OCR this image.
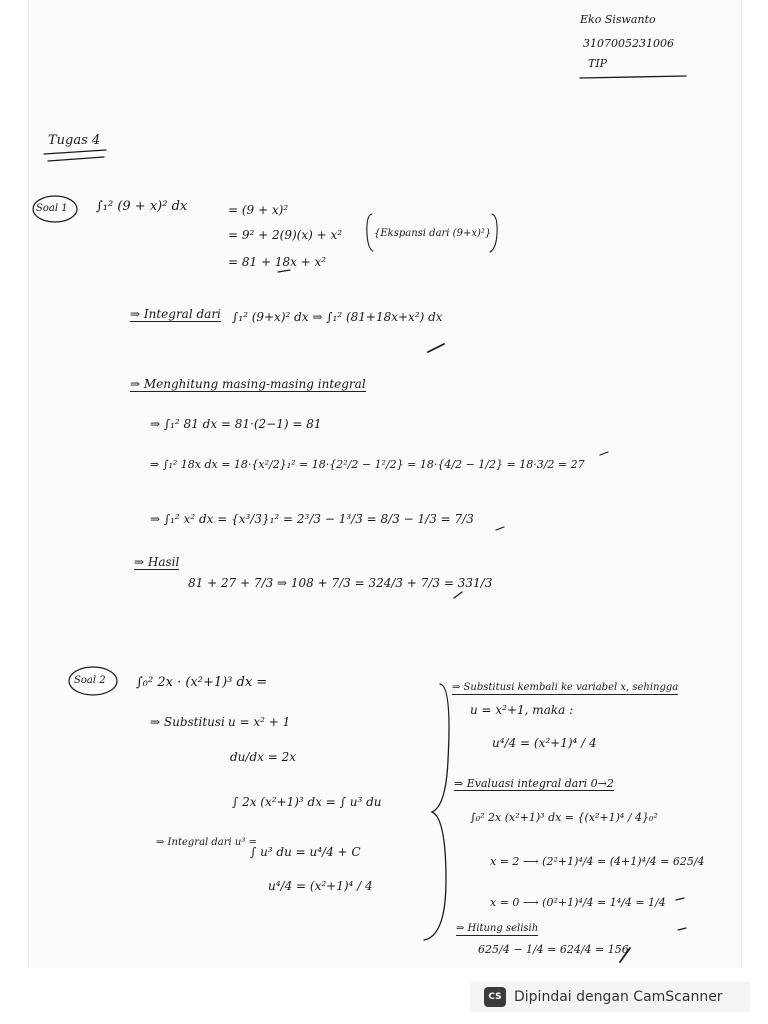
Eko Siswanto
3107005231006
TIP
Tugas 4
Soal 1 ∫₁² (9 + x)² dx	= (9 + x)²
= 9² + 2(9)(x) + x²
= 81 + 18x + x²
{Ekspansi dari (9+x)²}
⇒ Integral dari ∫₁² (9+x)² dx ⇒ ∫₁² (81+18x+x²) dx
⇒ Menghitung masing-masing integral
⇒ ∫₁² 81 dx = 81·(2−1) = 81
⇒ ∫₁² 18x dx = 18·{x²/2}₁² = 18·{2²/2 − 1²/2} = 18·{4/2 − 1/2} = 18·3/2 = 27
⇒ ∫₁² x² dx = {x³/3}₁² = 2³/3 − 1³/3 = 8/3 − 1/3 = 7/3
⇒ Hasil
81 + 27 + 7/3 ⇒ 108 + 7/3 = 324/3 + 7/3 = 331/3
Soal 2 ∫₀² 2x · (x²+1)³ dx =
⇒ Substitusi u = x² + 1
du/dx = 2x
∫ 2x (x²+1)³ dx = ∫ u³ du
⇒ Integral dari u³ =
∫ u³ du = u⁴/4 + C
u⁴/4 = (x²+1)⁴ / 4
⇒ Substitusi kembali ke variabel x, sehingga
u = x²+1, maka :
u⁴/4 = (x²+1)⁴ / 4
⇒ Evaluasi integral dari 0→2
∫₀² 2x (x²+1)³ dx = {(x²+1)⁴ / 4}₀²
x = 2 ⟶ (2²+1)⁴/4 = (4+1)⁴/4 = 625/4
x = 0 ⟶ (0²+1)⁴/4 = 1⁴/4 = 1/4
⇒ Hitung selisih
625/4 − 1/4 = 624/4 = 156
CS Dipindai dengan CamScanner
